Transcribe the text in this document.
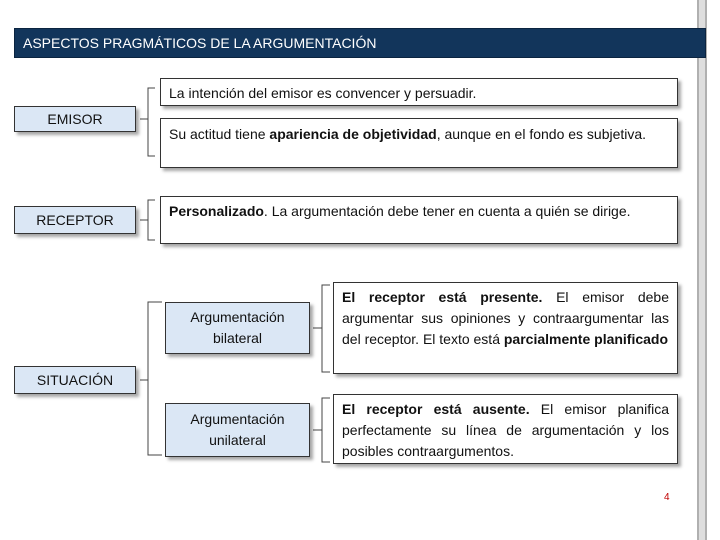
ASPECTOS PRAGMÁTICOS DE LA ARGUMENTACIÓN
EMISOR
La intención del emisor es convencer y persuadir.
Su actitud tiene apariencia de objetividad, aunque en el fondo es subjetiva.
RECEPTOR
Personalizado. La argumentación debe tener en cuenta a quién se dirige.
SITUACIÓN
Argumentación bilateral
El receptor está presente. El emisor debe argumentar sus opiniones y contraargumentar las del receptor. El texto está parcialmente planificado
Argumentación unilateral
El receptor está ausente. El emisor planifica perfectamente su línea de argumentación y los posibles contraargumentos.
4
